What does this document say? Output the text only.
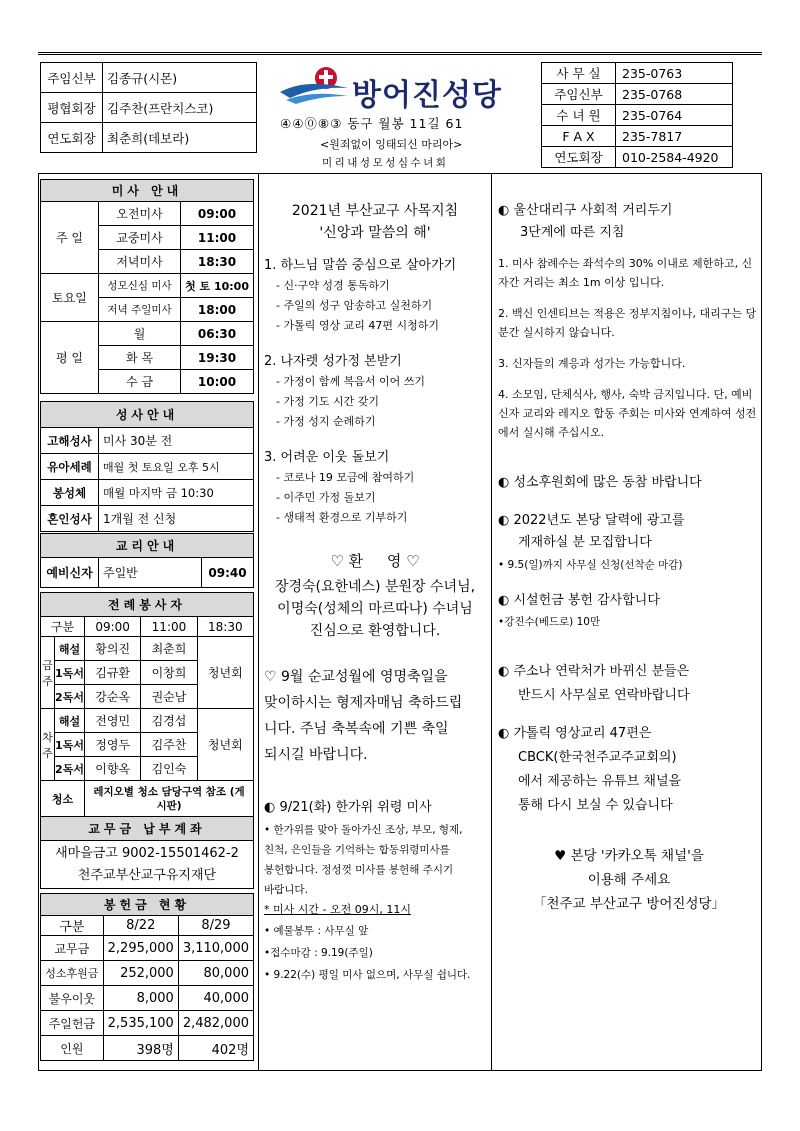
주임신부	김종규(시몬)
평협회장	김주찬(프란치스코)
연도회장	최춘희(데보라)
방어진성당
④④⓪⑧③ 동구 월봉 11길 61
<원죄없이 잉태되신 마리아>
미리내성모성심수녀회
사 무 실	235-0763
주임신부	235-0768
수 녀 원	235-0764
F A X	235-7817
연도회장	010-2584-4920
미사 안내		
주 일	오전미사	09:00
	교중미사	11:00
	저녁미사	18:30
토요일	성모신심 미사	첫 토 10:00
	저녁 주일미사	18:00
평 일	월	06:30
	화 목	19:30
	수 금	10:00
성사안내	
고해성사	미사 30분 전
유아세례	매월 첫 토요일 오후 5시
봉성체	매월 마지막 금 10:30
혼인성사	1개월 전 신청
교리안내
예비신자	주일반	09:40
전례봉사자				
구분		09:00	11:00	18:30
금주	해설	황의진	최춘희	청년회
	1독서	김규환	이창희	
	2독서	강순옥	권순남	
차주	해설	전영민	김경섭	청년회
	1독서	정영두	김주찬	
	2독서	이향옥	김인숙	
청소		레지오별 청소 담당구역 참조 (게시판)		
교무금 납부계좌

새마을금고 9002-15501462-2
천주교부산교구유지재단
봉헌금 현황		
구분	8/22	8/29
교무금	2,295,000	3,110,000
성소후원금	252,000	80,000
불우이웃	8,000	40,000
주일헌금	2,535,100	2,482,000
인원	398명	402명
2021년 부산교구 사목지침
'신앙과 말씀의 해'
1. 하느님 말씀 중심으로 살아가기
- 신·구약 성경 통독하기
- 주일의 성구 암송하고 실천하기
- 가톨릭 영상 교리 47편 시청하기
2. 나자렛 성가정 본받기
- 가정이 함께 복음서 이어 쓰기
- 가정 기도 시간 갖기
- 가정 성지 순례하기
3. 어려운 이웃 돌보기
- 코로나 19 모금에 참여하기
- 이주민 가정 돌보기
- 생태적 환경으로 기부하기
♡ 환     영 ♡
장경숙(요한네스) 분원장 수녀님,
이명숙(성체의 마르따나) 수녀님
진심으로 환영합니다.
♡ 9월 순교성월에 영명축일을
맞이하시는 형제자매님 축하드립
니다. 주님 축복속에 기쁜 축일
되시길 바랍니다.
◐ 9/21(화) 한가위 위령 미사
• 한가위를 맞아 돌아가신 조상, 부모, 형제,
친척, 은인들을 기억하는 합동위령미사를
봉헌합니다. 정성껏 미사를 봉헌해 주시기
바랍니다.
* 미사 시간 - 오전 09시, 11시
• 예물봉투 : 사무실 앞
•접수마감 : 9.19(주일)
• 9.22(수) 평일 미사 없으며, 사무실 쉽니다.
◐ 울산대리구 사회적 거리두기
3단계에 따른 지침
1. 미사 참례수는 좌석수의 30% 이내로 제한하고, 신자간 거리는 최소 1m 이상 입니다.
2. 백신 인센티브는 적용은 정부지침이나, 대리구는 당분간 실시하지 않습니다.
3. 신자들의 계응과 성가는 가능합니다.
4. 소모임, 단체식사, 행사, 숙박 금지입니다. 단, 예비신자 교리와 레지오 합동 주회는 미사와 연계하여 성전에서 실시해 주십시오.
◐ 성소후원회에 많은 동참 바랍니다
◐ 2022년도 본당 달력에 광고를
게재하실 분 모집합니다
• 9.5(일)까지 사무실 신청(선착순 마감)
◐ 시설헌금 봉헌 감사합니다
•강진수(베드로) 10만
◐ 주소나 연락처가 바뀌신 분들은
반드시 사무실로 연락바랍니다
◐ 가톨릭 영상교리 47편은
CBCK(한국천주교주교회의)
에서 제공하는 유튜브 채널을
통해 다시 보실 수 있습니다
♥ 본당 '카카오톡 채널'을
이용해 주세요
「천주교 부산교구 방어진성당」
